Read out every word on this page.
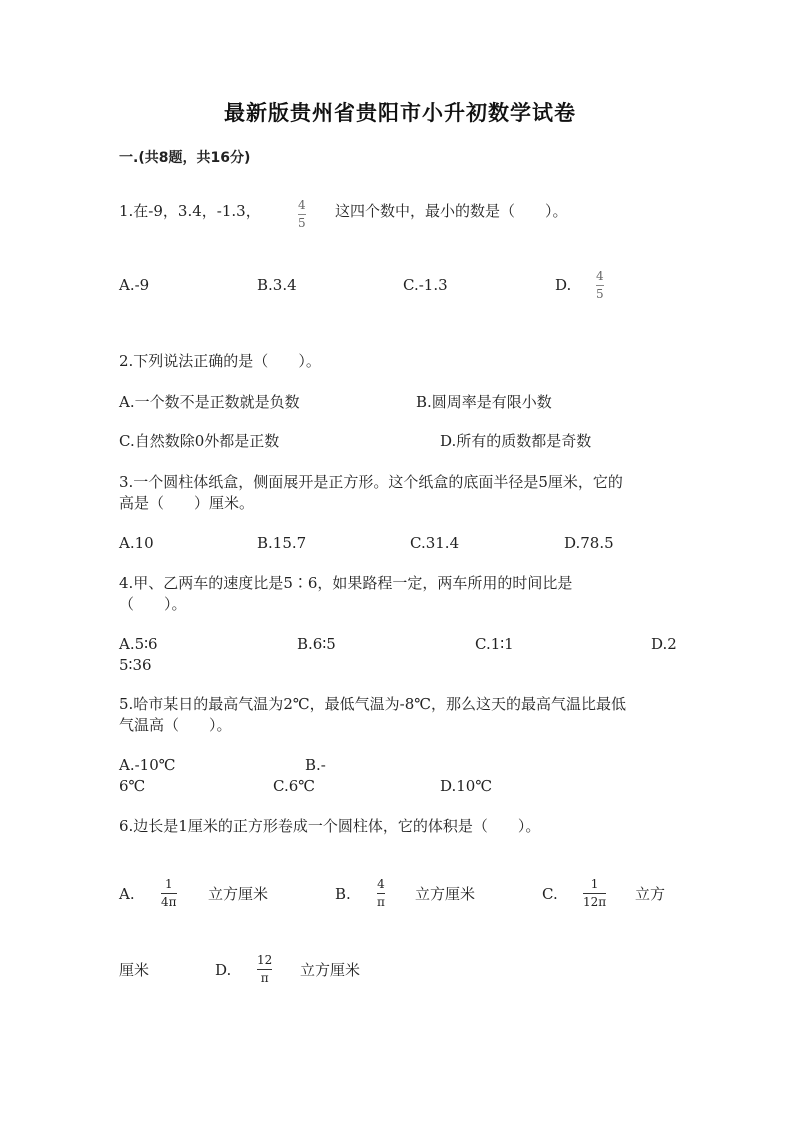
最新版贵州省贵阳市小升初数学试卷
一.(共8题，共16分)
1.在-9，3.4，-1.3，	4
5
这四个数中，最小的数是（　　）。
A.-9	B.3.4	C.-1.3	D. 4
5
2.下列说法正确的是（　　）。
A.一个数不是正数就是负数	B.圆周率是有限小数
C.自然数除0外都是正数	D.所有的质数都是奇数
3.一个圆柱体纸盒，侧面展开是正方形。这个纸盒的底面半径是5厘米，它的
高是（　　）厘米。
A.10	B.15.7	C.31.4	D.78.5
4.甲、乙两车的速度比是5∶6，如果路程一定，两车所用的时间比是
（　　）。
A.5∶6	B.6∶5	C.1∶1	D.2
5∶36
5.哈市某日的最高气温为2℃，最低气温为-8℃，那么这天的最高气温比最低
气温高（　　）。
A.-10℃	B.-
6℃	C.6℃	D.10℃
6.边长是1厘米的正方形卷成一个圆柱体，它的体积是（　　）。
A.
1
4π 立方厘米	B.
4
π 立方厘米	C.
1
12π 立方
厘米	D.
12
π 立方厘米
